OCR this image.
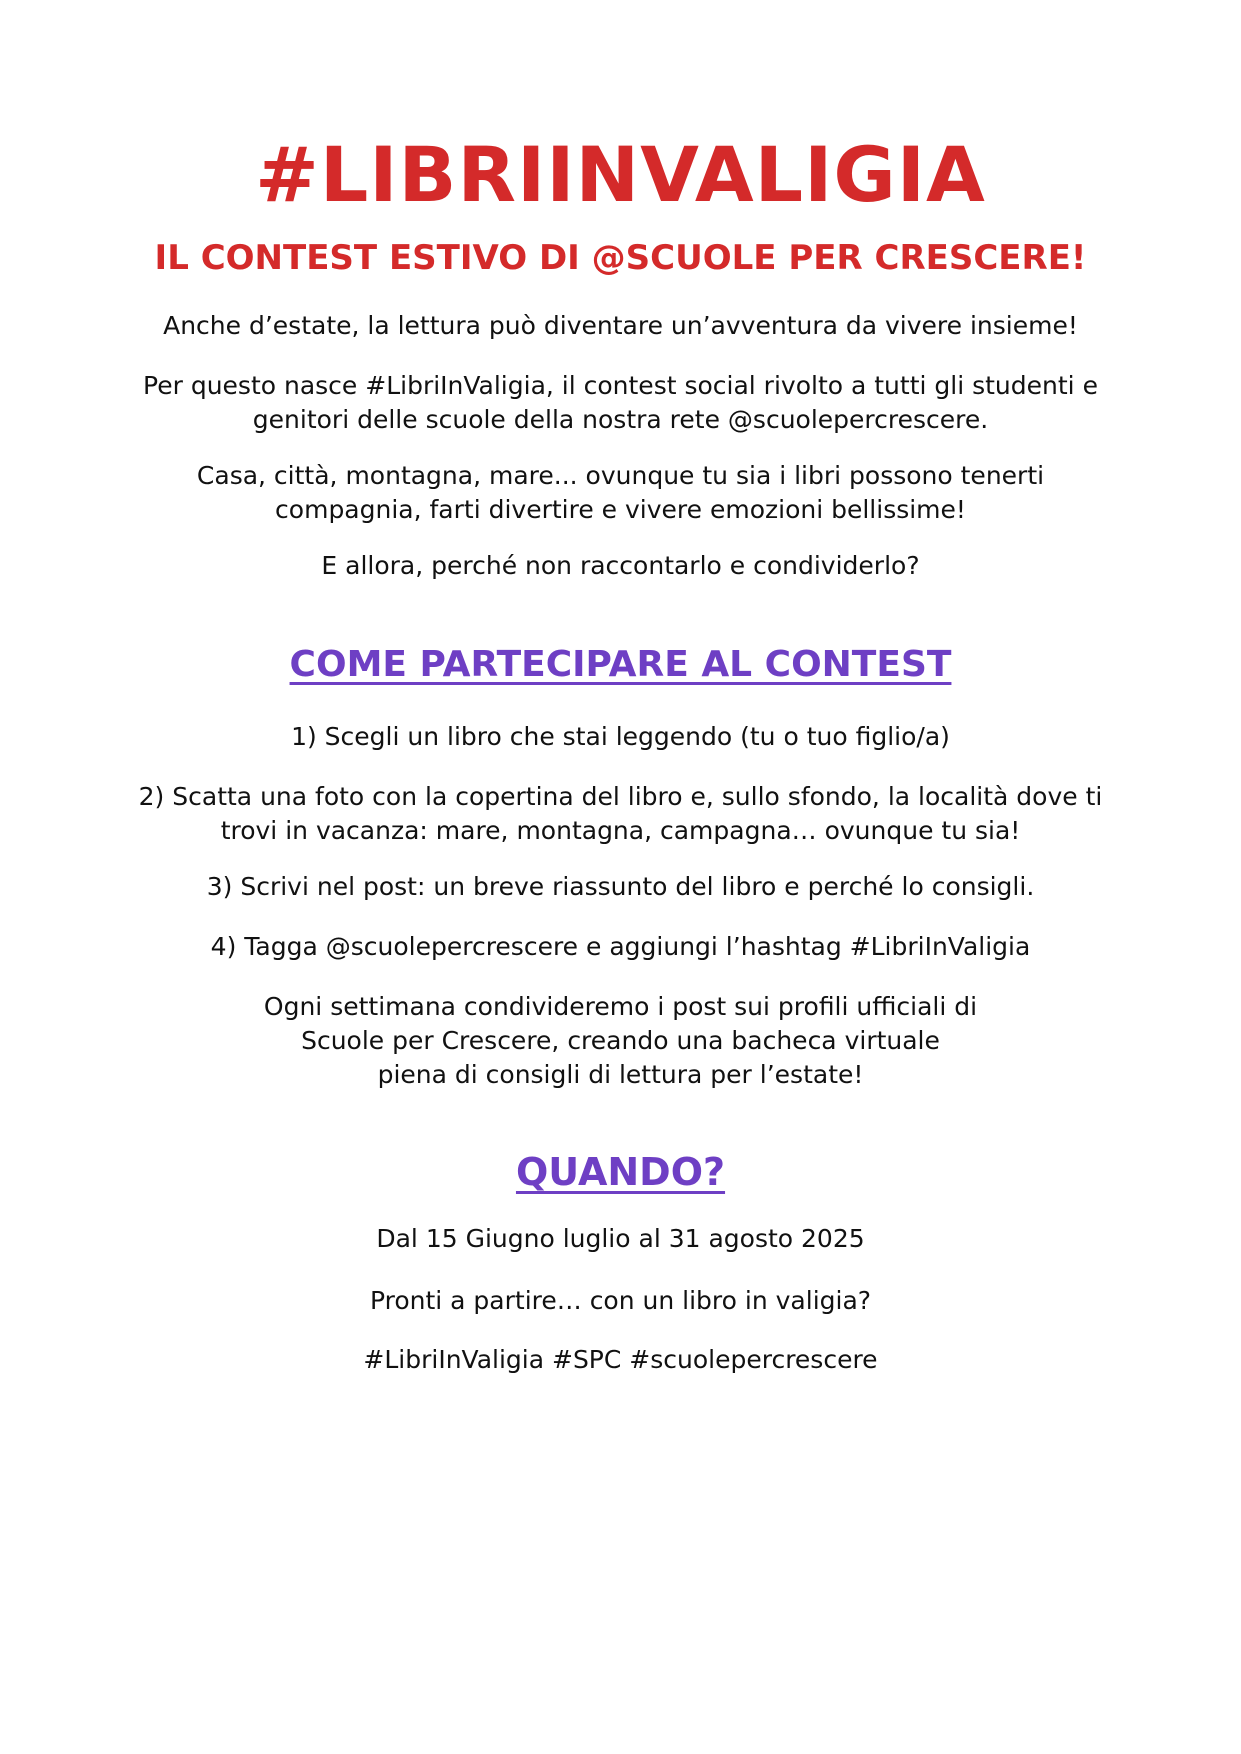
#LIBRIINVALIGIA
IL CONTEST ESTIVO DI @SCUOLE PER CRESCERE!

Anche d’estate, la lettura può diventare un’avventura da vivere insieme!

Per questo nasce #LibriInValigia, il contest social rivolto a tutti gli studenti e
genitori delle scuole della nostra rete @scuolepercrescere.

Casa, città, montagna, mare... ovunque tu sia i libri possono tenerti
compagnia, farti divertire e vivere emozioni bellissime!

E allora, perché non raccontarlo e condividerlo?

COME PARTECIPARE AL CONTEST

1) Scegli un libro che stai leggendo (tu o tuo figlio/a)

2) Scatta una foto con la copertina del libro e, sullo sfondo, la località dove ti
trovi in vacanza: mare, montagna, campagna… ovunque tu sia!

3) Scrivi nel post: un breve riassunto del libro e perché lo consigli.

4) Tagga @scuolepercrescere e aggiungi l’hashtag #LibriInValigia

Ogni settimana condivideremo i post sui profili ufficiali di
Scuole per Crescere, creando una bacheca virtuale
piena di consigli di lettura per l’estate!

QUANDO?

Dal 15 Giugno luglio al 31 agosto 2025

Pronti a partire… con un libro in valigia?

#LibriInValigia #SPC #scuolepercrescere
